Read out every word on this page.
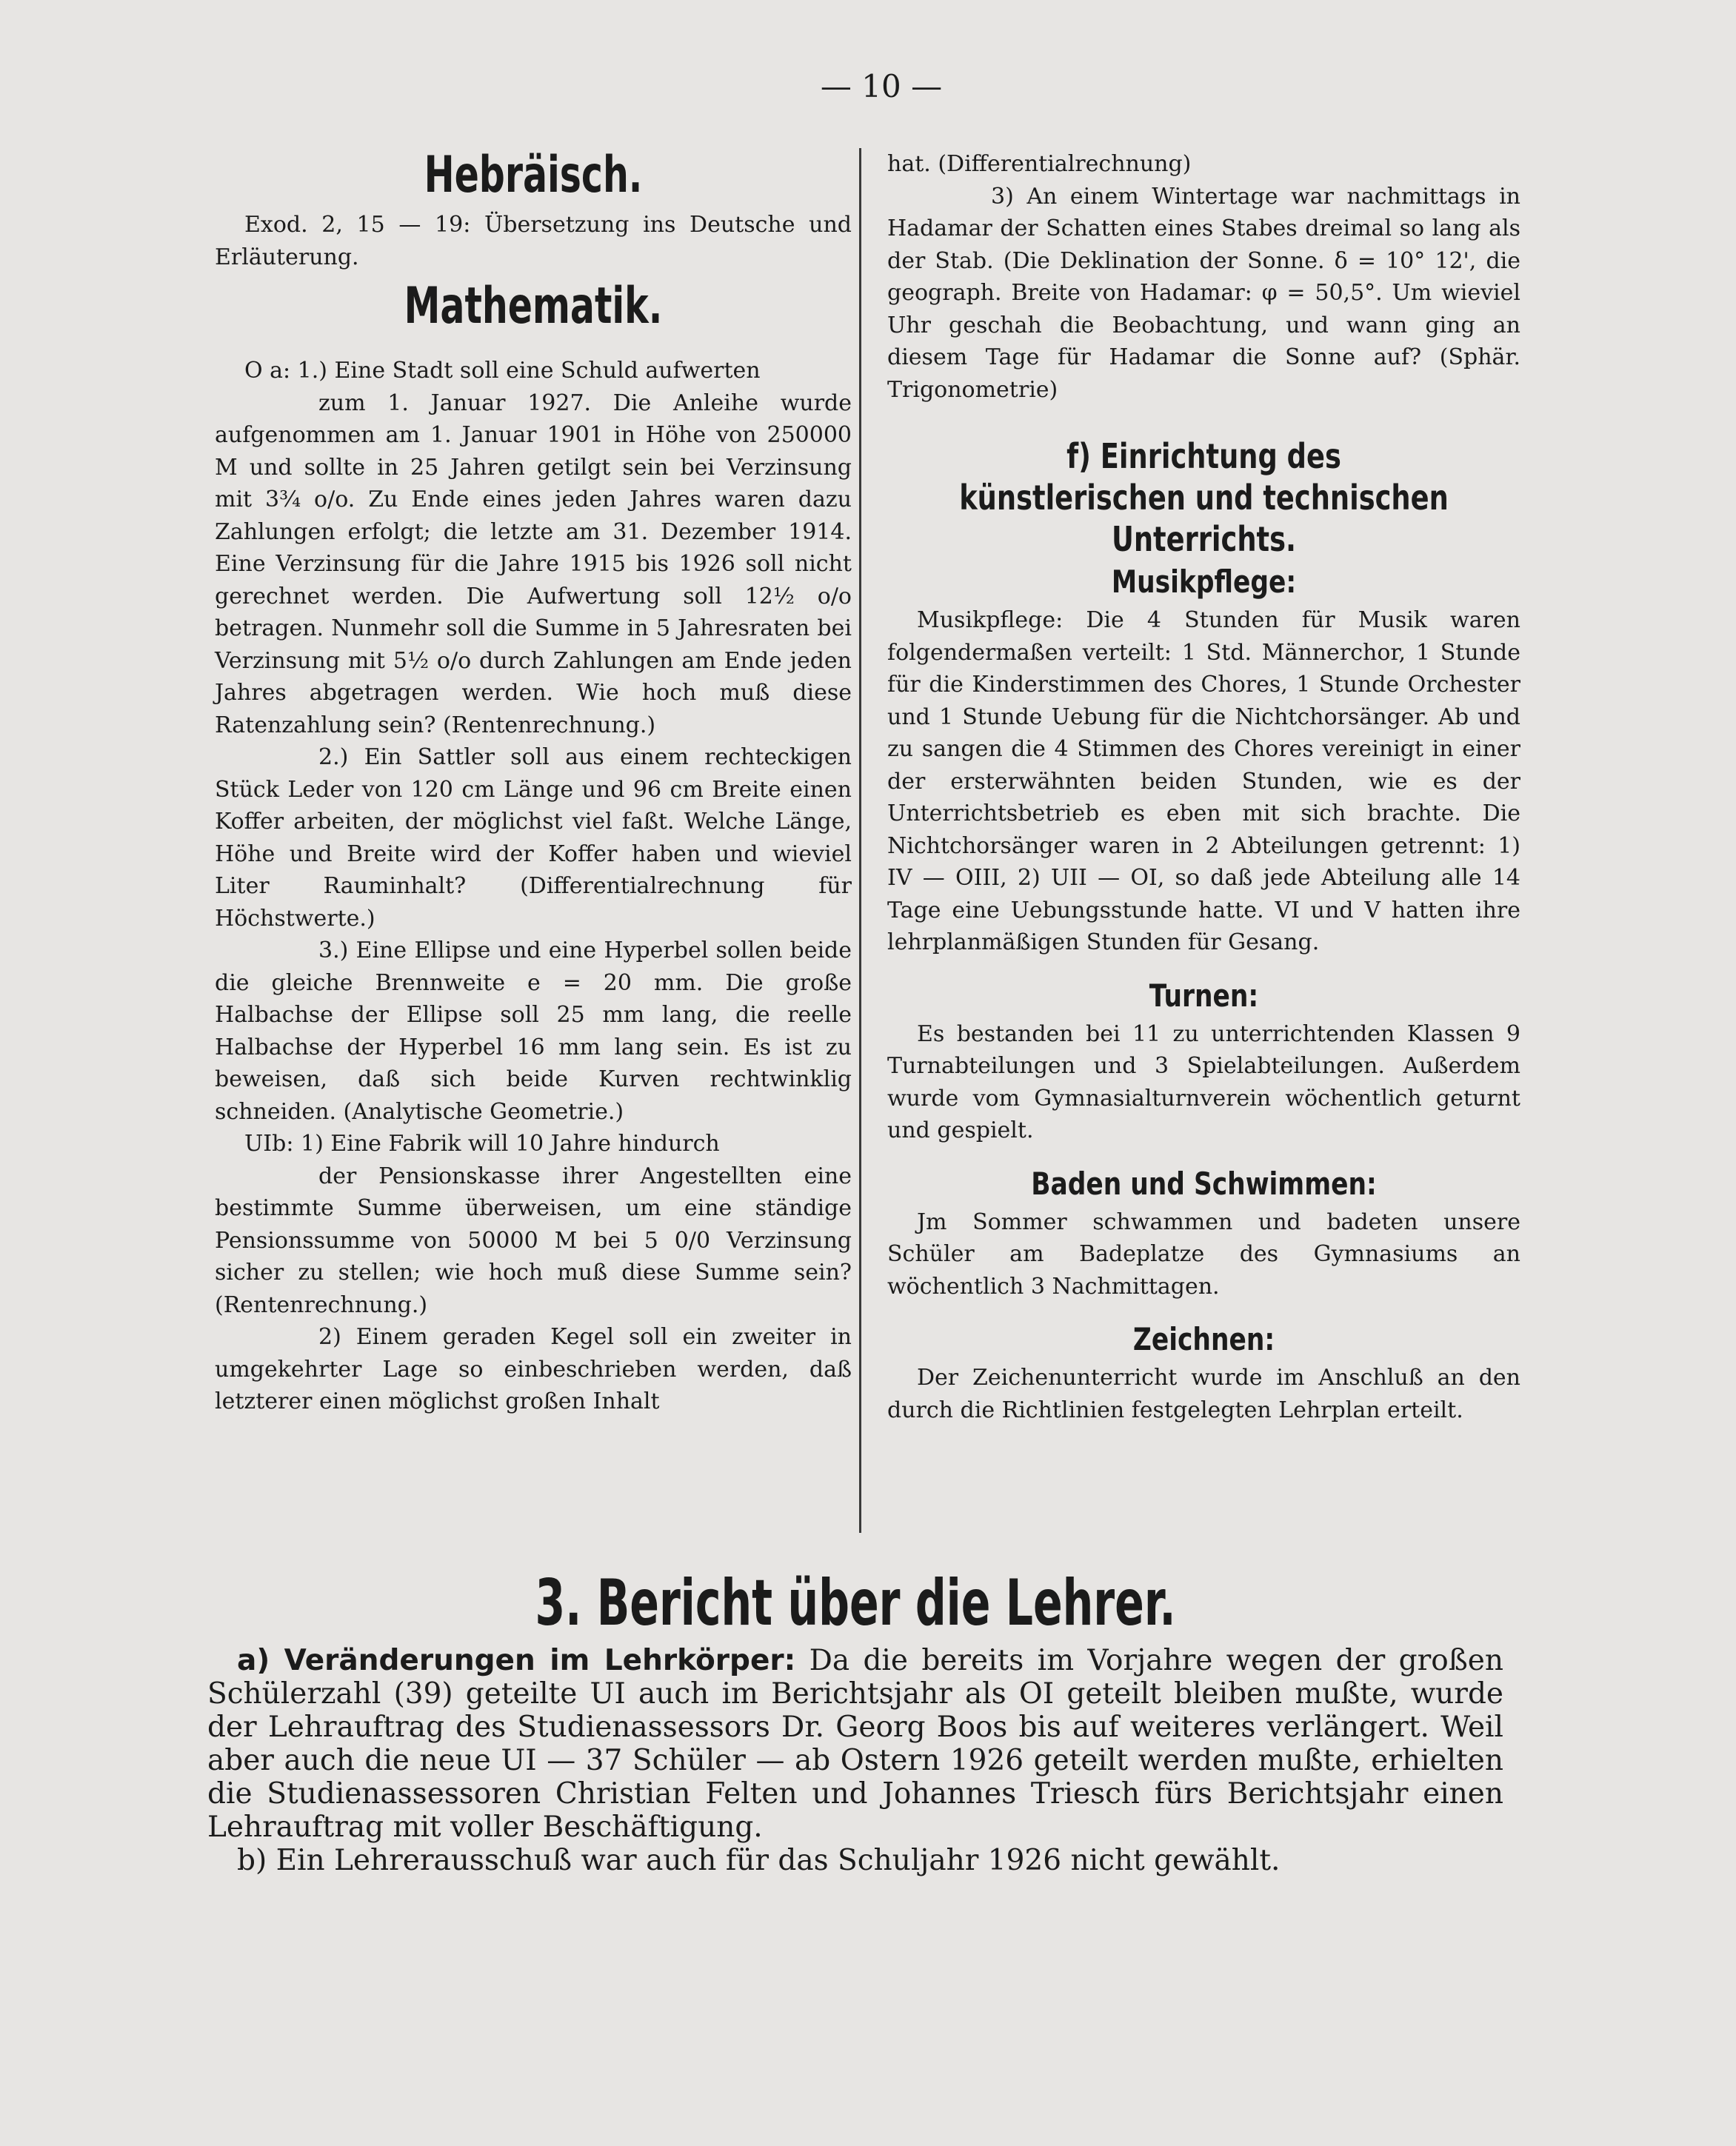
— 10 —
Hebräisch.

Exod. 2, 15 — 19: Übersetzung ins Deutsche und Erläuterung.

Mathematik.

O a: 1.) Eine Stadt soll eine Schuld aufwerten

zum 1. Januar 1927. Die Anleihe wurde aufgenommen am 1. Januar 1901 in Höhe von 250000 M und sollte in 25 Jahren getilgt sein bei Verzinsung mit 3¾ o/o. Zu Ende eines jeden Jahres waren dazu Zahlungen erfolgt; die letzte am 31. Dezember 1914. Eine Verzinsung für die Jahre 1915 bis 1926 soll nicht gerechnet werden. Die Aufwertung soll 12½ o/o betragen. Nunmehr soll die Summe in 5 Jahresraten bei Verzinsung mit 5½ o/o durch Zahlungen am Ende jeden Jahres abgetragen werden. Wie hoch muß diese Ratenzahlung sein? (Rentenrechnung.)

2.) Ein Sattler soll aus einem rechteckigen Stück Leder von 120 cm Länge und 96 cm Breite einen Koffer arbeiten, der möglichst viel faßt. Welche Länge, Höhe und Breite wird der Koffer haben und wieviel Liter Rauminhalt? (Differentialrechnung für Höchstwerte.)

3.) Eine Ellipse und eine Hyperbel sollen beide die gleiche Brennweite e = 20 mm. Die große Halbachse der Ellipse soll 25 mm lang, die reelle Halbachse der Hyperbel 16 mm lang sein. Es ist zu beweisen, daß sich beide Kurven rechtwinklig schneiden. (Analytische Geometrie.)

UIb: 1) Eine Fabrik will 10 Jahre hindurch

der Pensionskasse ihrer Angestellten eine bestimmte Summe überweisen, um eine ständige Pensionssumme von 50000 M bei 5 0/0 Verzinsung sicher zu stellen; wie hoch muß diese Summe sein? (Rentenrechnung.)

2) Einem geraden Kegel soll ein zweiter in umgekehrter Lage so einbeschrieben werden, daß letzterer einen möglichst großen Inhalt

hat. (Differentialrechnung)

3) An einem Wintertage war nachmittags in Hadamar der Schatten eines Stabes dreimal so lang als der Stab. (Die Deklination der Sonne. δ = 10° 12', die geograph. Breite von Hadamar: φ = 50,5°. Um wieviel Uhr geschah die Beobachtung, und wann ging an diesem Tage für Hadamar die Sonne auf? (Sphär. Trigonometrie)

f) Einrichtung des künstlerischen und technischen Unterrichts.
Musikpflege:

Musikpflege: Die 4 Stunden für Musik waren folgendermaßen verteilt: 1 Std. Männerchor, 1 Stunde für die Kinderstimmen des Chores, 1 Stunde Orchester und 1 Stunde Uebung für die Nichtchorsänger. Ab und zu sangen die 4 Stimmen des Chores vereinigt in einer der ersterwähnten beiden Stunden, wie es der Unterrichtsbetrieb es eben mit sich brachte. Die Nichtchorsänger waren in 2 Abteilungen getrennt: 1) IV — OIII, 2) UII — OI, so daß jede Abteilung alle 14 Tage eine Uebungsstunde hatte. VI und V hatten ihre lehrplanmäßigen Stunden für Gesang.

Turnen:

Es bestanden bei 11 zu unterrichtenden Klassen 9 Turnabteilungen und 3 Spielabteilungen. Außerdem wurde vom Gymnasialturnverein wöchentlich geturnt und gespielt.

Baden und Schwimmen:

Jm Sommer schwammen und badeten unsere Schüler am Badeplatze des Gymnasiums an wöchentlich 3 Nachmittagen.

Zeichnen:

Der Zeichenunterricht wurde im Anschluß an den durch die Richtlinien festgelegten Lehrplan erteilt.

3. Bericht über die Lehrer.

a) Veränderungen im Lehrkörper: Da die bereits im Vorjahre wegen der großen Schülerzahl (39) geteilte UI auch im Berichtsjahr als OI geteilt bleiben mußte, wurde der Lehrauftrag des Studienassessors Dr. Georg Boos bis auf weiteres verlängert. Weil aber auch die neue UI — 37 Schüler — ab Ostern 1926 geteilt werden mußte, erhielten die Studienassessoren Christian Felten und Johannes Triesch fürs Berichtsjahr einen Lehrauftrag mit voller Beschäftigung.

b) Ein Lehrerausschuß war auch für das Schuljahr 1926 nicht gewählt.
